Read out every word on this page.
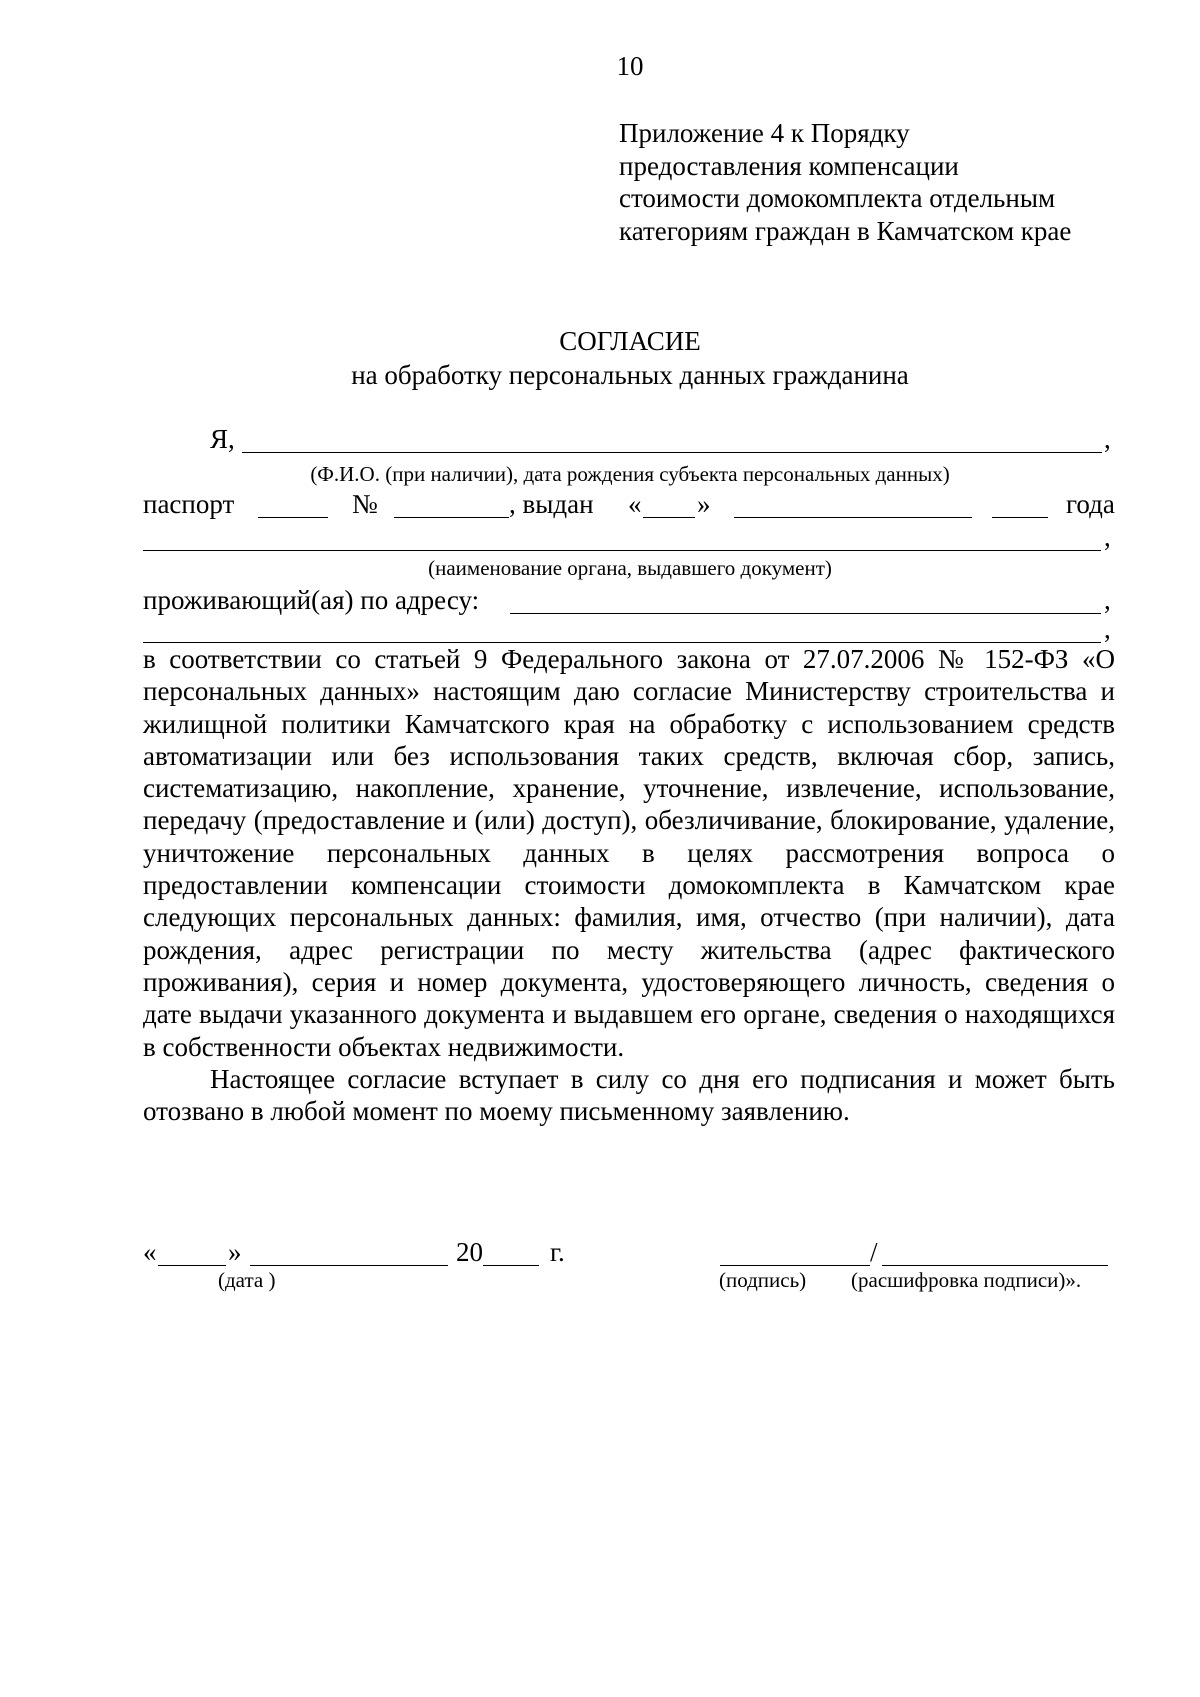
10
Приложение 4 к Порядку
предоставления компенсации
стоимости домокомплекта отдельным
категориям граждан в Камчатском крае
СОГЛАСИЕ
на обработку персональных данных гражданина
Я,	,
(Ф.И.О. (при наличии), дата рождения субъекта персональных данных)
паспорт	№	, выдан « »	года
,
(наименование органа, выдавшего документ)
проживающий(ая) по адресу:	,
,

в соответствии со статьей 9 Федерального закона от 27.07.2006 № 152-ФЗ «О персональных данных» настоящим даю согласие Министерству строительства и жилищной политики Камчатского края на обработку с использованием средств автоматизации или без использования таких средств, включая сбор, запись, систематизацию, накопление, хранение, уточнение, извлечение, использование, передачу (предоставление и (или) доступ), обезличивание, блокирование, удаление, уничтожение персональных данных в целях рассмотрения вопроса о предоставлении компенсации стоимости домокомплекта в Камчатском крае следующих персональных данных: фамилия, имя, отчество (при наличии), дата рождения, адрес регистрации по месту жительства (адрес фактического проживания), серия и номер документа, удостоверяющего личность, сведения о дате выдачи указанного документа и выдавшем его органе, сведения о находящихся в собственности объектах недвижимости.

Настоящее согласие вступает в силу со дня его подписания и может быть отозвано в любой момент по моему письменному заявлению.

«	»	20 г.	/
(дата )	(подпись) (расшифровка подписи)».
